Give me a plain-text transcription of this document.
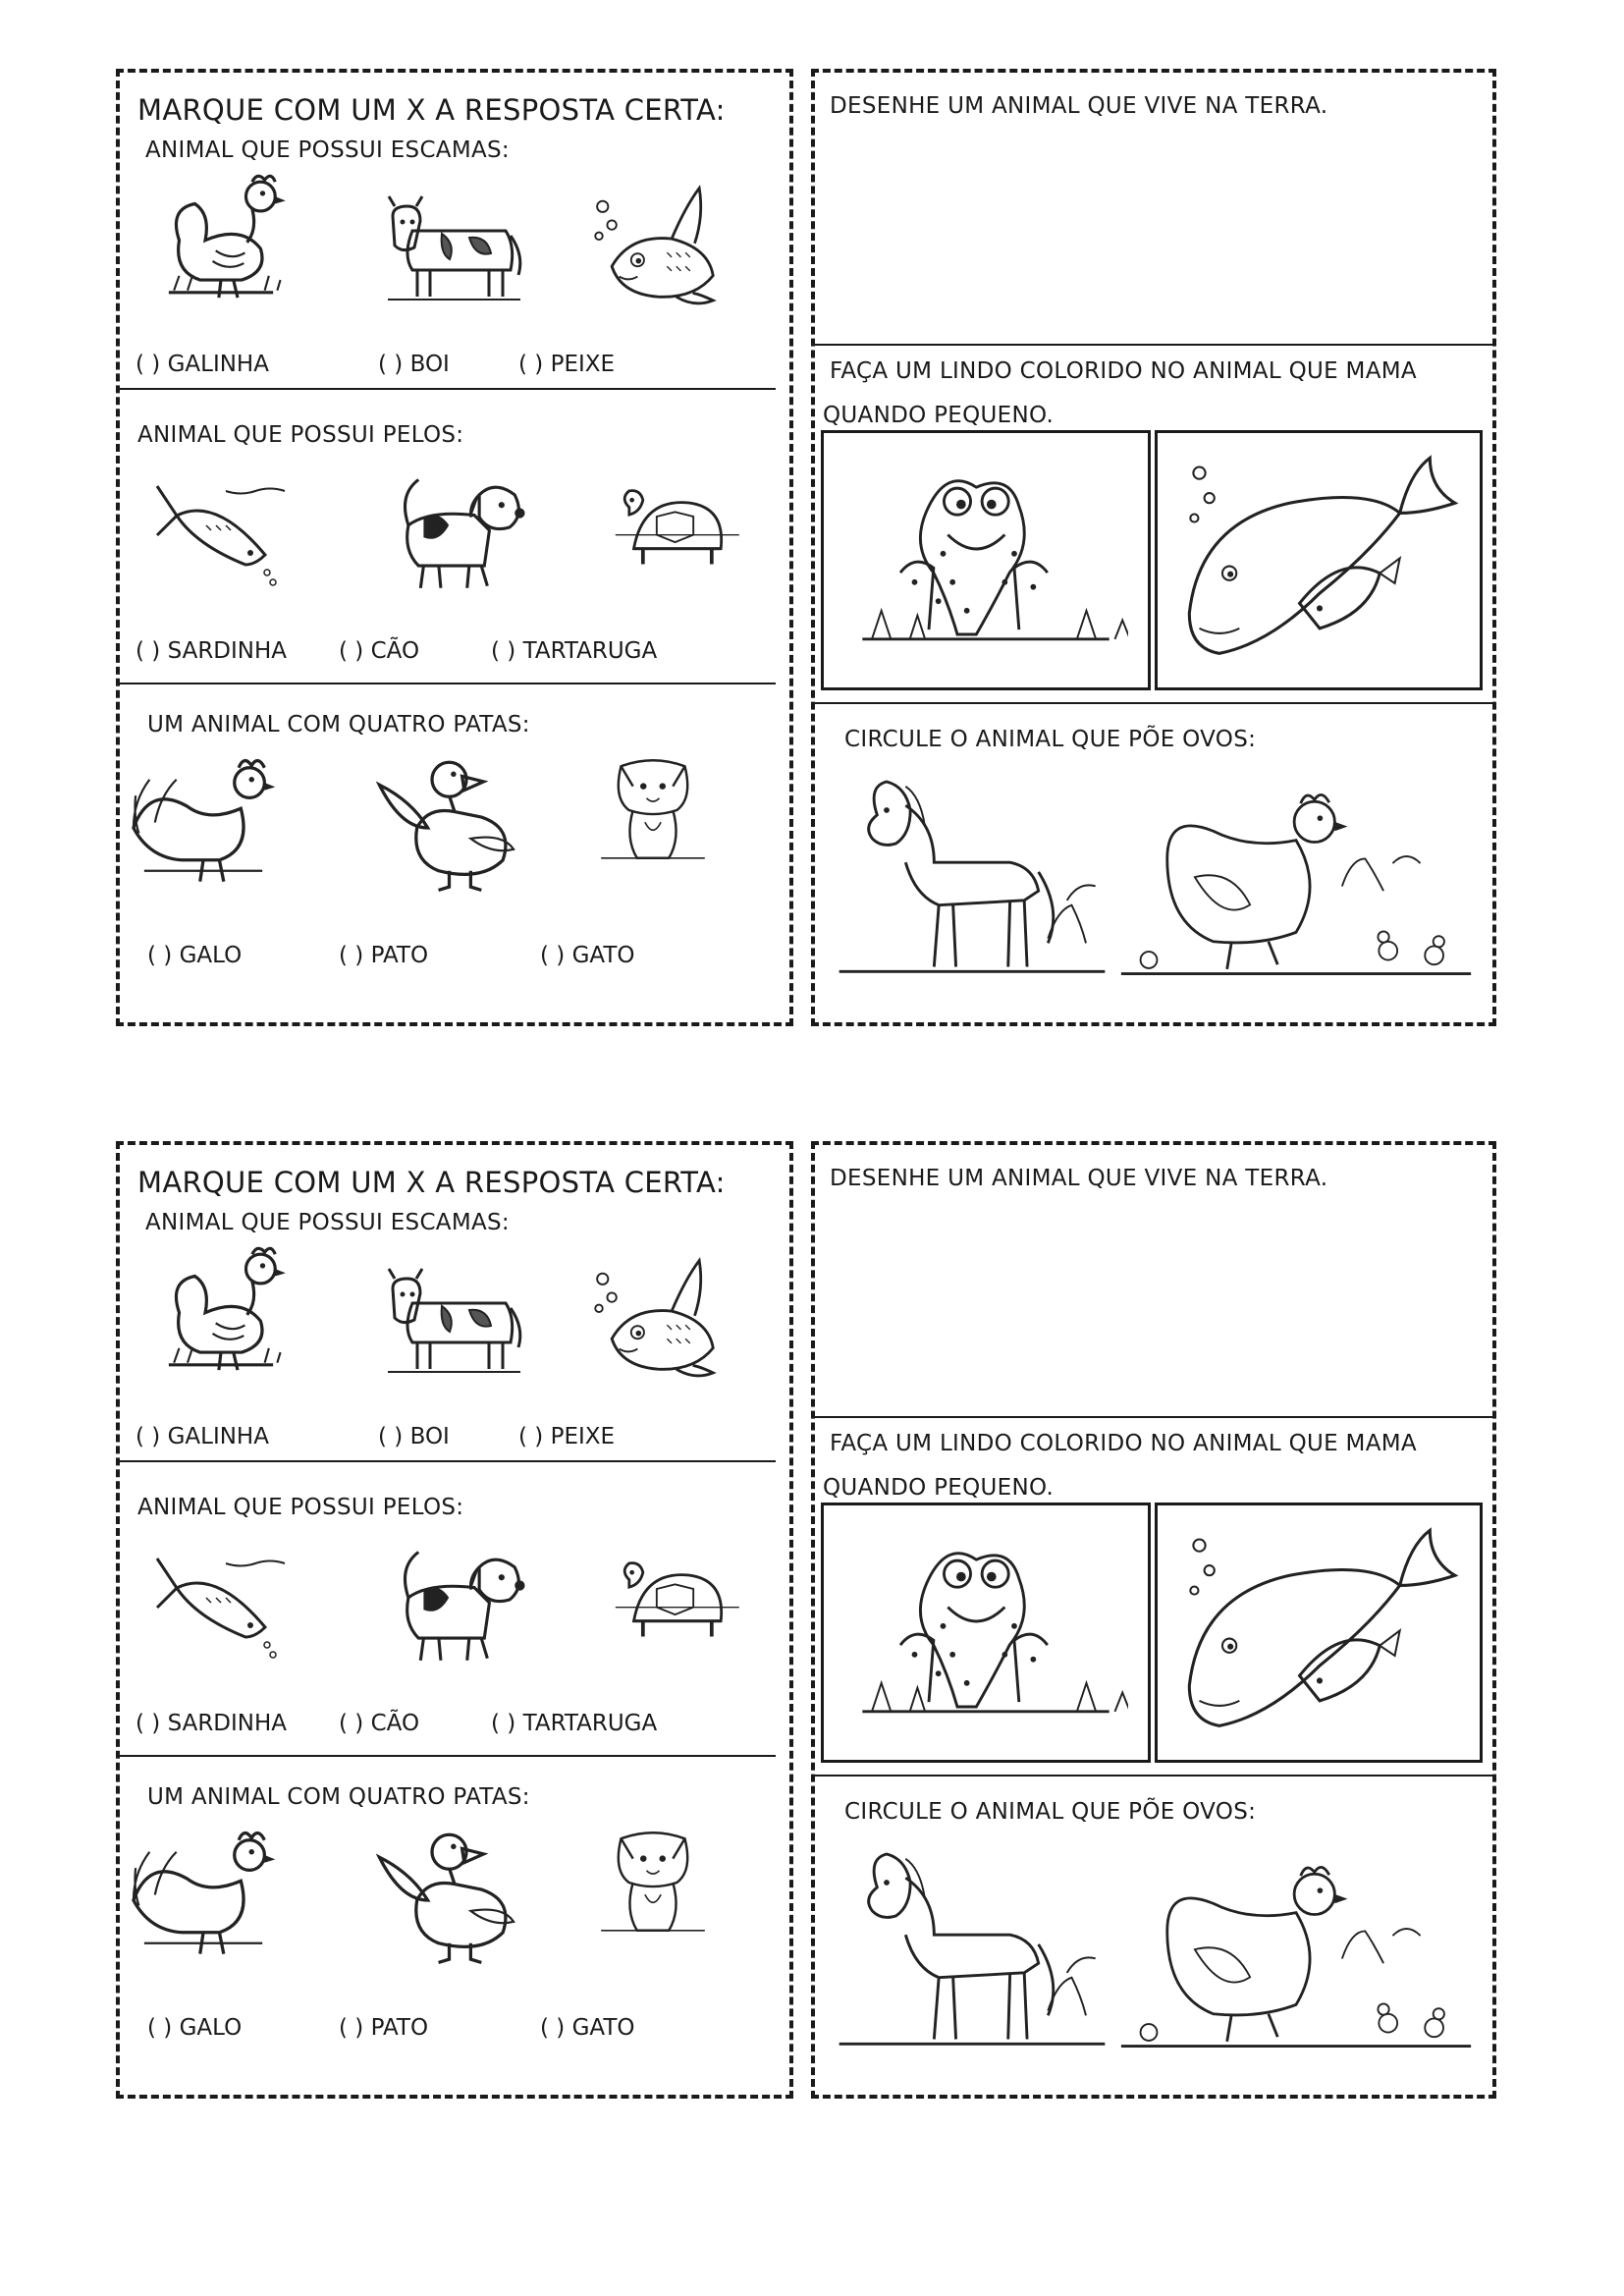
MARQUE COM UM X A RESPOSTA CERTA:
ANIMAL QUE POSSUI ESCAMAS:
( ) GALINHA	( ) BOI	( ) PEIXE
ANIMAL QUE POSSUI PELOS:
( ) SARDINHA ( ) CÃO	( ) TARTARUGA
UM ANIMAL COM QUATRO PATAS:
( ) GALO	( ) PATO	( ) GATO
DESENHE UM ANIMAL QUE VIVE NA TERRA.
FAÇA UM LINDO COLORIDO NO ANIMAL QUE MAMA
QUANDO PEQUENO.
CIRCULE O ANIMAL QUE PÕE OVOS:
MARQUE COM UM X A RESPOSTA CERTA:
ANIMAL QUE POSSUI ESCAMAS:
( ) GALINHA	( ) BOI	( ) PEIXE
ANIMAL QUE POSSUI PELOS:
( ) SARDINHA ( ) CÃO	( ) TARTARUGA
UM ANIMAL COM QUATRO PATAS:
( ) GALO	( ) PATO	( ) GATO
DESENHE UM ANIMAL QUE VIVE NA TERRA.
FAÇA UM LINDO COLORIDO NO ANIMAL QUE MAMA
QUANDO PEQUENO.
CIRCULE O ANIMAL QUE PÕE OVOS:
